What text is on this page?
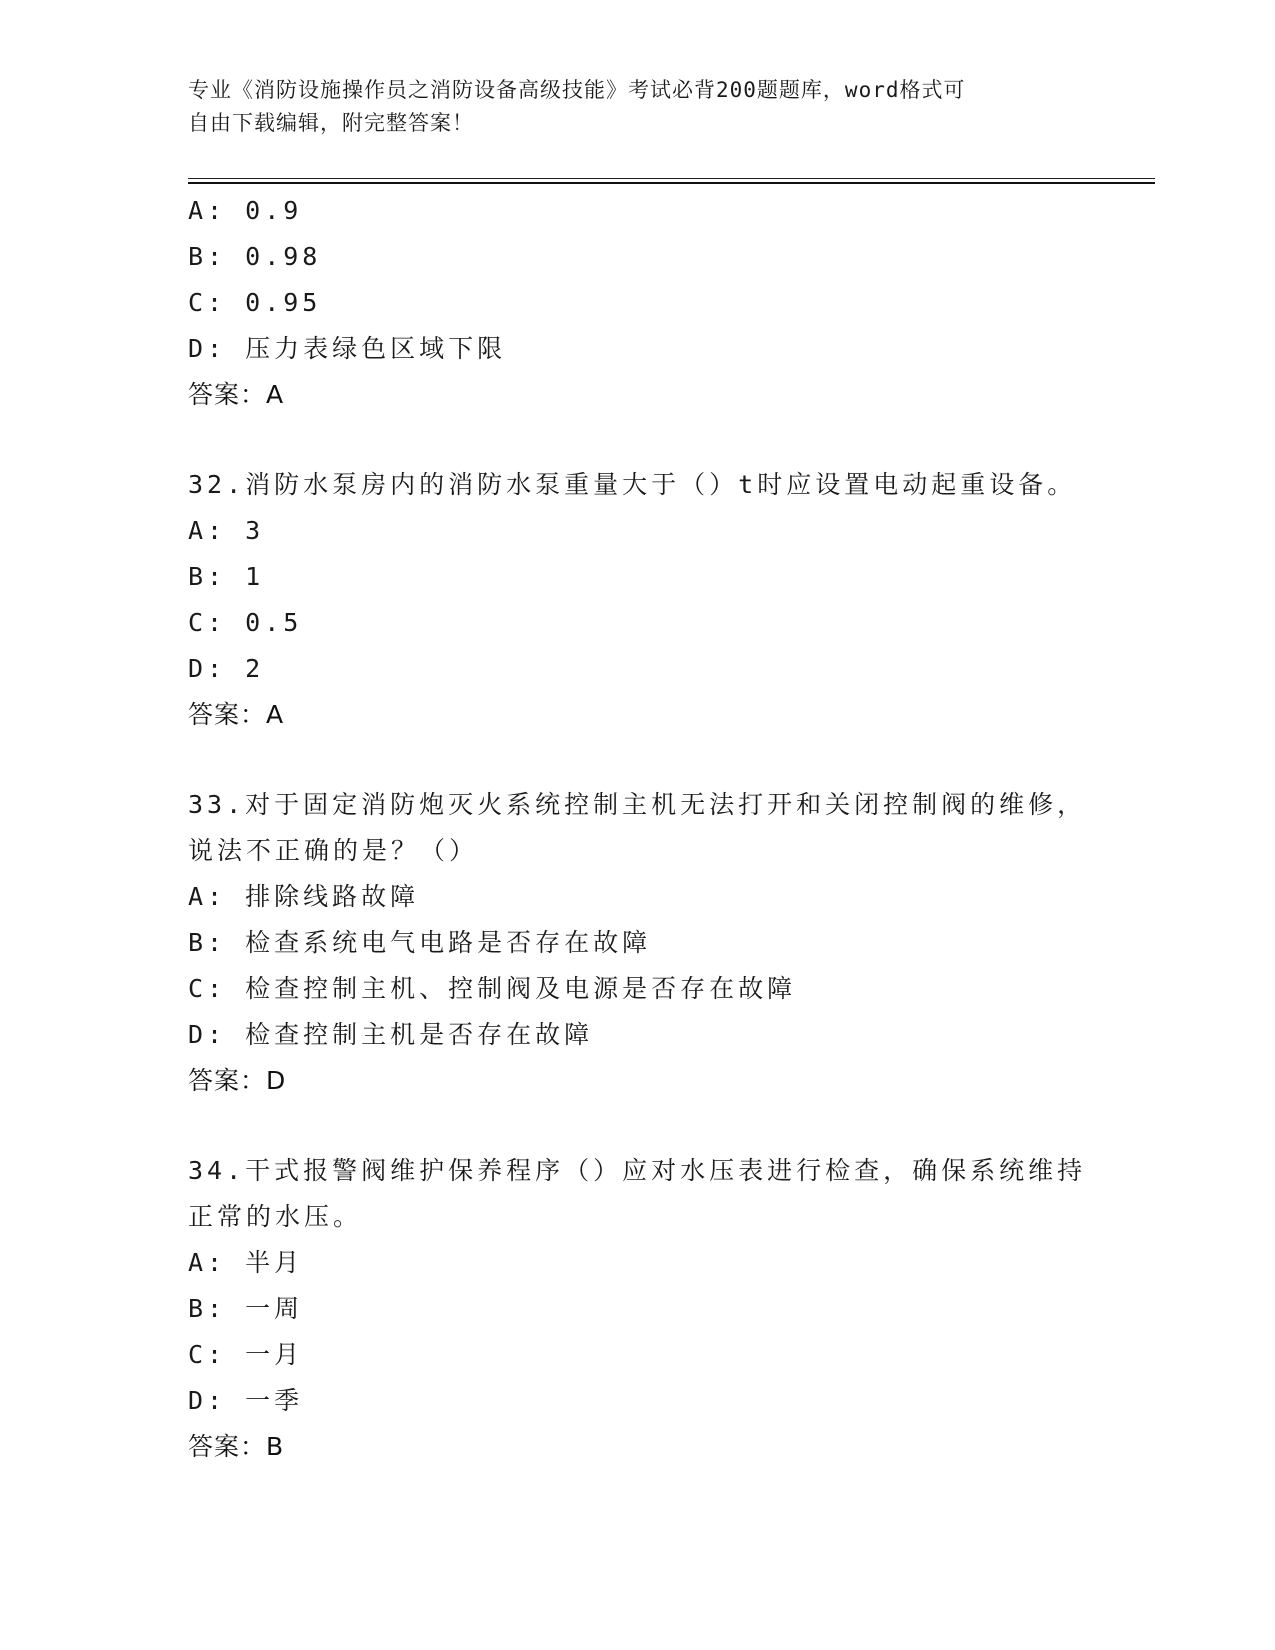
专业《消防设施操作员之消防设备高级技能》考试必背200题题库，word格式可
自由下载编辑，附完整答案！
A: 0.9
B: 0.98
C: 0.95
D: 压力表绿色区域下限
答案：A
32.消防水泵房内的消防水泵重量大于（）t时应设置电动起重设备。
A: 3
B: 1
C: 0.5
D: 2
答案：A
33.对于固定消防炮灭火系统控制主机无法打开和关闭控制阀的维修，
说法不正确的是？（）
A: 排除线路故障
B: 检查系统电气电路是否存在故障
C: 检查控制主机、控制阀及电源是否存在故障
D: 检查控制主机是否存在故障
答案：D
34.干式报警阀维护保养程序（）应对水压表进行检查，确保系统维持
正常的水压。
A: 半月
B: 一周
C: 一月
D: 一季
答案：B
